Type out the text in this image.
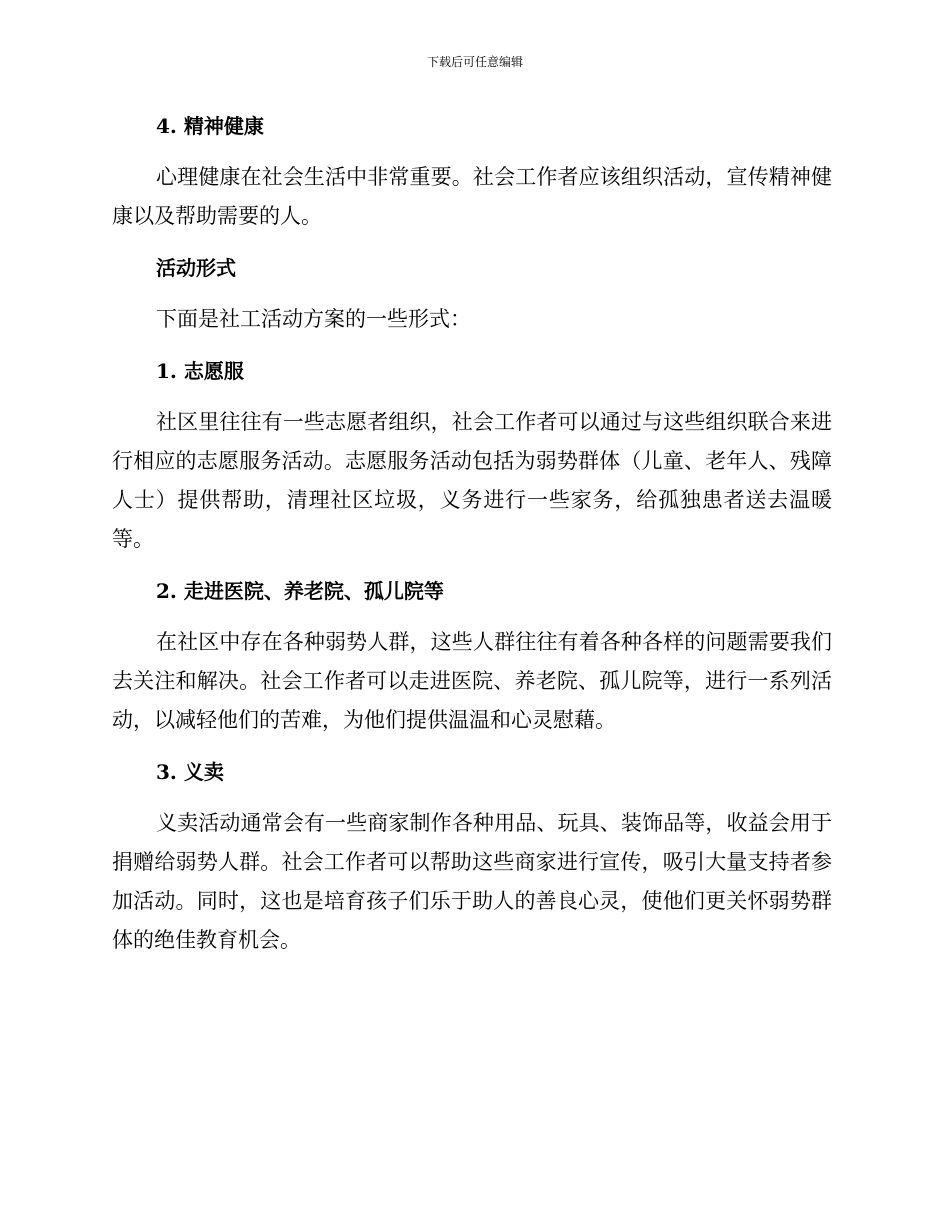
下载后可任意编辑
4. 精神健康

心理健康在社会生活中非常重要。社会工作者应该组织活动，宣传精神健康以及帮助需要的人。

活动形式

下面是社工活动方案的一些形式：

1. 志愿服

社区里往往有一些志愿者组织，社会工作者可以通过与这些组织联合来进行相应的志愿服务活动。志愿服务活动包括为弱势群体（儿童、老年人、残障人士）提供帮助，清理社区垃圾，义务进行一些家务，给孤独患者送去温暖等。

2. 走进医院、养老院、孤儿院等

在社区中存在各种弱势人群，这些人群往往有着各种各样的问题需要我们去关注和解决。社会工作者可以走进医院、养老院、孤儿院等，进行一系列活动，以减轻他们的苦难，为他们提供温温和心灵慰藉。

3. 义卖

义卖活动通常会有一些商家制作各种用品、玩具、装饰品等，收益会用于捐赠给弱势人群。社会工作者可以帮助这些商家进行宣传，吸引大量支持者参加活动。同时，这也是培育孩子们乐于助人的善良心灵，使他们更关怀弱势群体的绝佳教育机会。
